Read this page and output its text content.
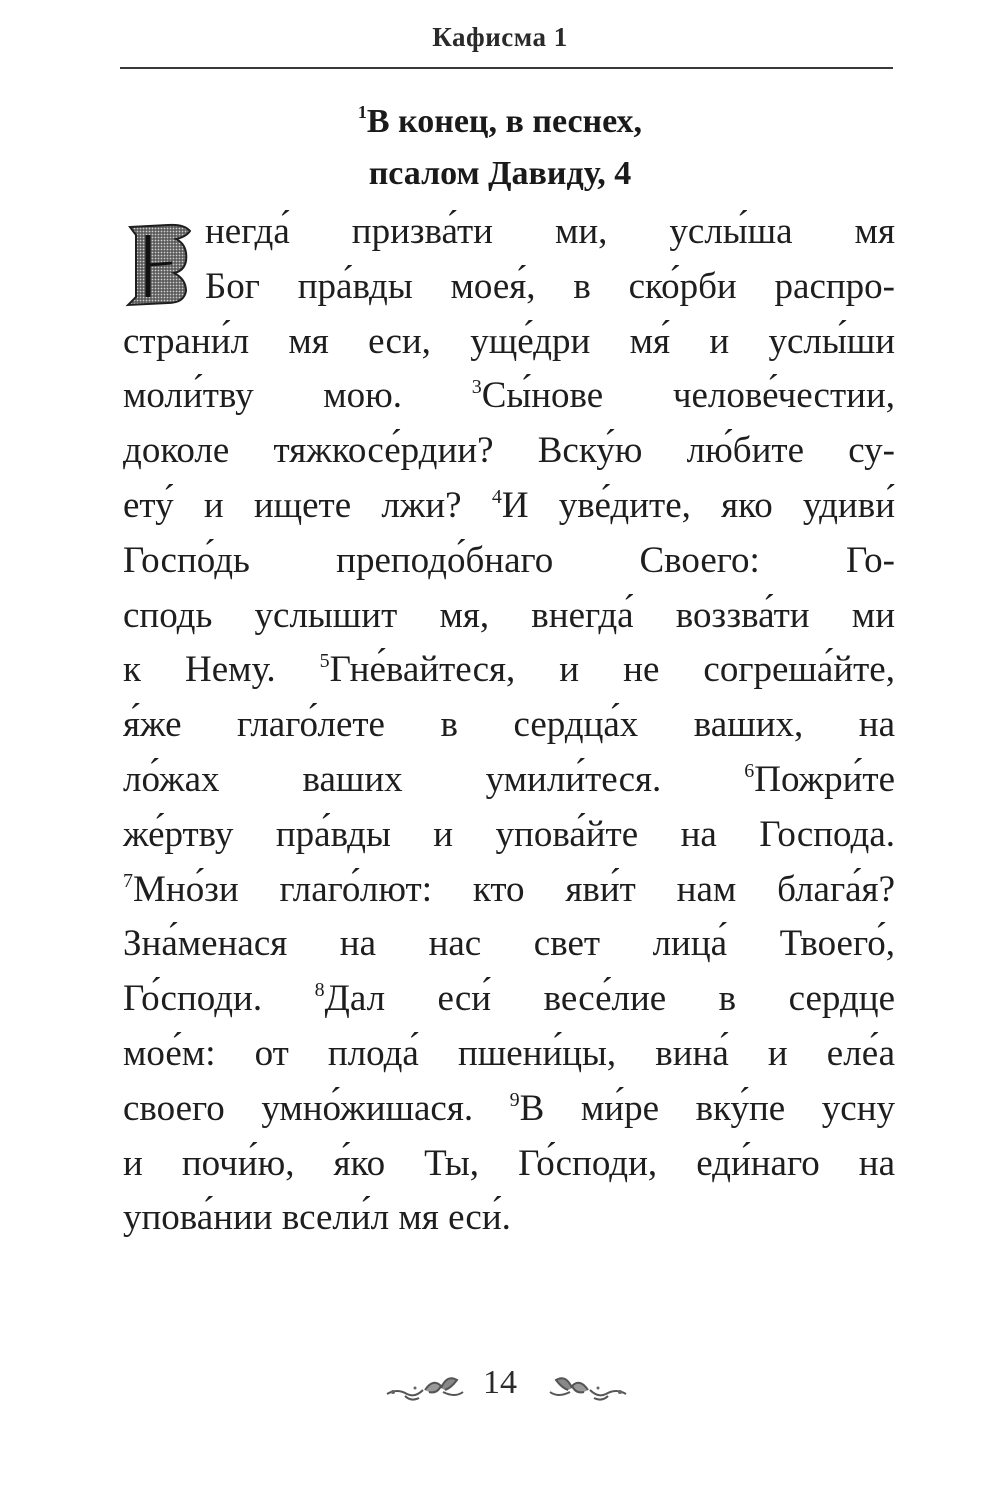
Кафисма 1
$^1$В конец, в песнех,
псалом Давиду, 4
В
негда́ призва́ти ми, услы́ша мя
Бог пра́вды моея́, в ско́рби распро-
страни́л мя еси, уще́дри мя́ и услы́ши
моли́тву мою. $^3$Сы́нове челове́честии,
доколе тяжкосе́рдии? Вску́ю лю́бите су-
ету́ и ищете лжи? $^4$И уве́дите, яко удиви́
Госпо́дь преподо́бнаго Своего: Го-
сподь услышит мя, внегда́ воззва́ти ми
к Нему. $^5$Гне́вайтеся, и не согреша́йте,
я́же глаго́лете в сердца́х ваших, на
ло́жах ваших умили́теся. $^6$Пожри́те
же́ртву пра́вды и упова́йте на Господа.
$^7$Мно́зи глаго́лют: кто яви́т нам блага́я?
Зна́менася на нас свет лица́ Твоего́,
Го́споди. $^8$Дал еси́ весе́лие в сердце
мое́м: от плода́ пшени́цы, вина́ и еле́а
своего умно́жишася. $^9$В ми́ре вку́пе усну
и почи́ю, я́ко Ты, Го́споди, еди́наго на
упова́нии всели́л мя еси́.
14
